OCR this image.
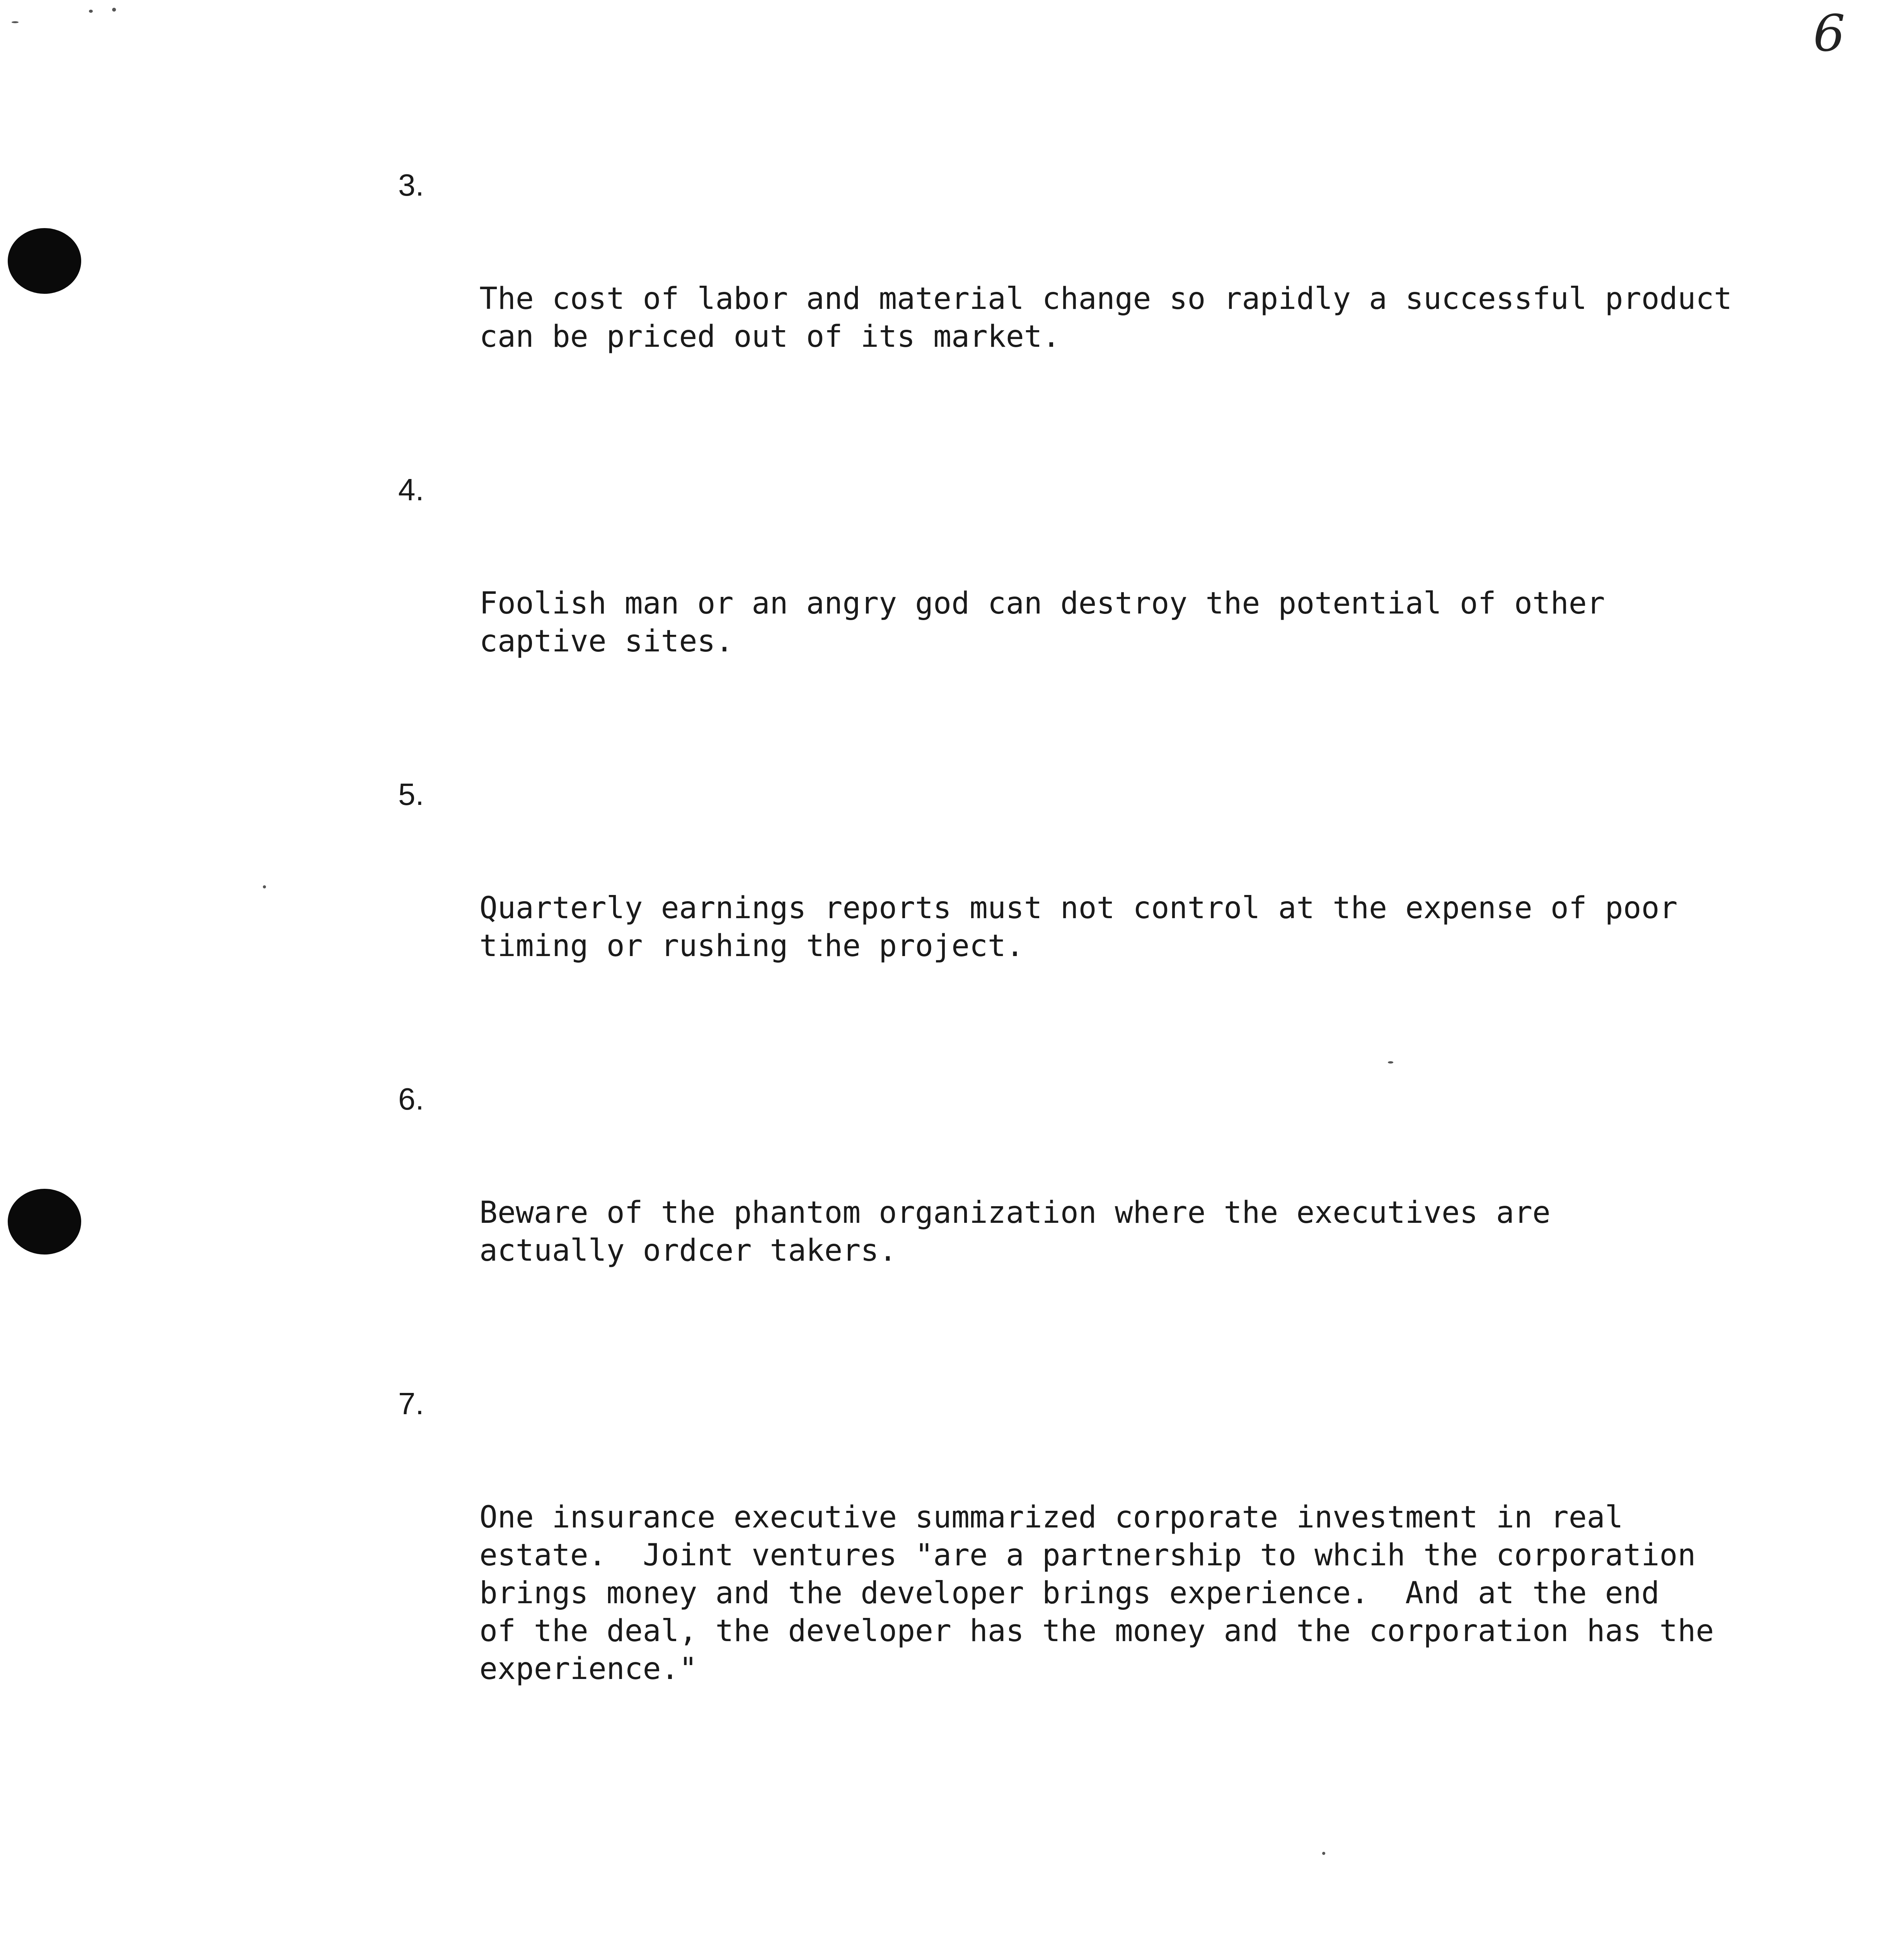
6

3.

The cost of labor and material change so rapidly a successful product
can be priced out of its market.

4.

Foolish man or an angry god can destroy the potential of other
captive sites.

5.

Quarterly earnings reports must not control at the expense of poor
timing or rushing the project.

6.

Beware of the phantom organization where the executives are
actually ordcer takers.

7.

One insurance executive summarized corporate investment in real
estate.  Joint ventures "are a partnership to whcih the corporation
brings money and the developer brings experience.  And at the end
of the deal, the developer has the money and the corporation has the
experience."
